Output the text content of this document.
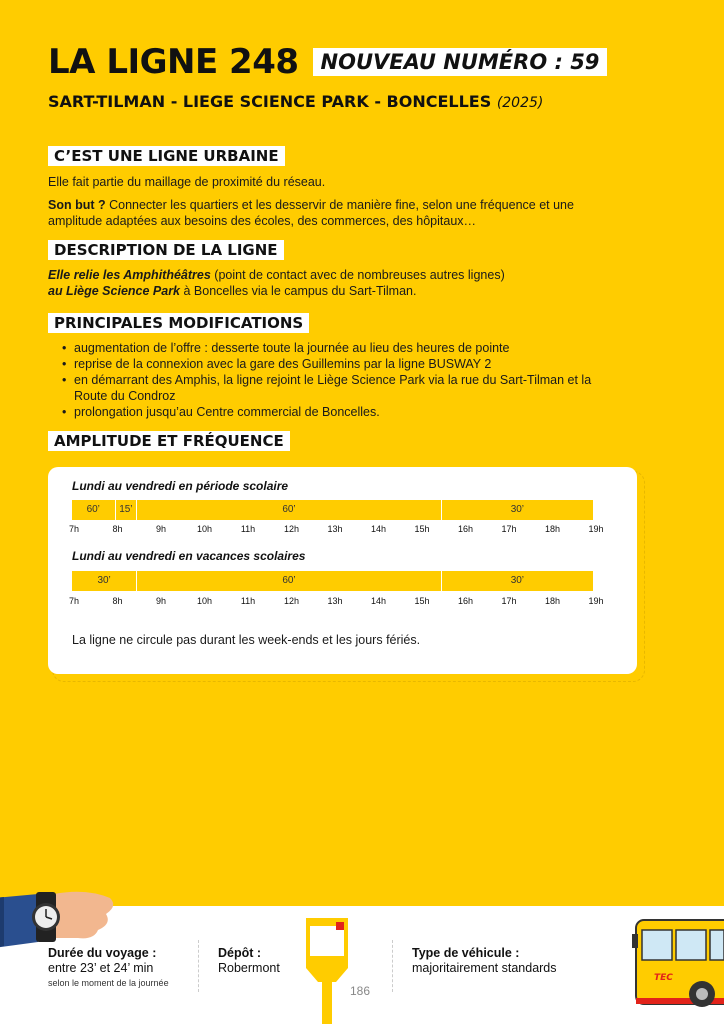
LA LIGNE 248	NOUVEAU NUMÉRO : 59
SART-TILMAN - LIEGE SCIENCE PARK - BONCELLES (2025)
C’EST UNE LIGNE URBAINE
Elle fait partie du maillage de proximité du réseau.
Son but ? Connecter les quartiers et les desservir de manière fine, selon une fréquence et une amplitude adaptées aux besoins des écoles, des commerces, des hôpitaux…
DESCRIPTION DE LA LIGNE
Elle relie les Amphithéâtres (point de contact avec de nombreuses autres lignes)
au Liège Science Park à Boncelles via le campus du Sart-Tilman.
PRINCIPALES MODIFICATIONS
• augmentation de l’offre : desserte toute la journée au lieu des heures de pointe
• reprise de la connexion avec la gare des Guillemins par la ligne BUSWAY 2
• en démarrant des Amphis, la ligne rejoint le Liège Science Park via la rue du Sart-Tilman et la Route du Condroz
• prolongation jusqu’au Centre commercial de Boncelles.
AMPLITUDE ET FRÉQUENCE
Lundi au vendredi en période scolaire
60’	15’	60’	30’
7h	8h	9h	10h	11h	12h	13h	14h	15h	16h	17h	18h	19h
Lundi au vendredi en vacances scolaires
30’	60’	30’
7h	8h	9h	10h	11h	12h	13h	14h	15h	16h	17h	18h	19h
La ligne ne circule pas durant les week-ends et les jours fériés.
Durée du voyage :
entre 23’ et 24’ min
selon le moment de la journée
Dépôt :
Robermont
186
Type de véhicule :
majoritairement standards
TEC
